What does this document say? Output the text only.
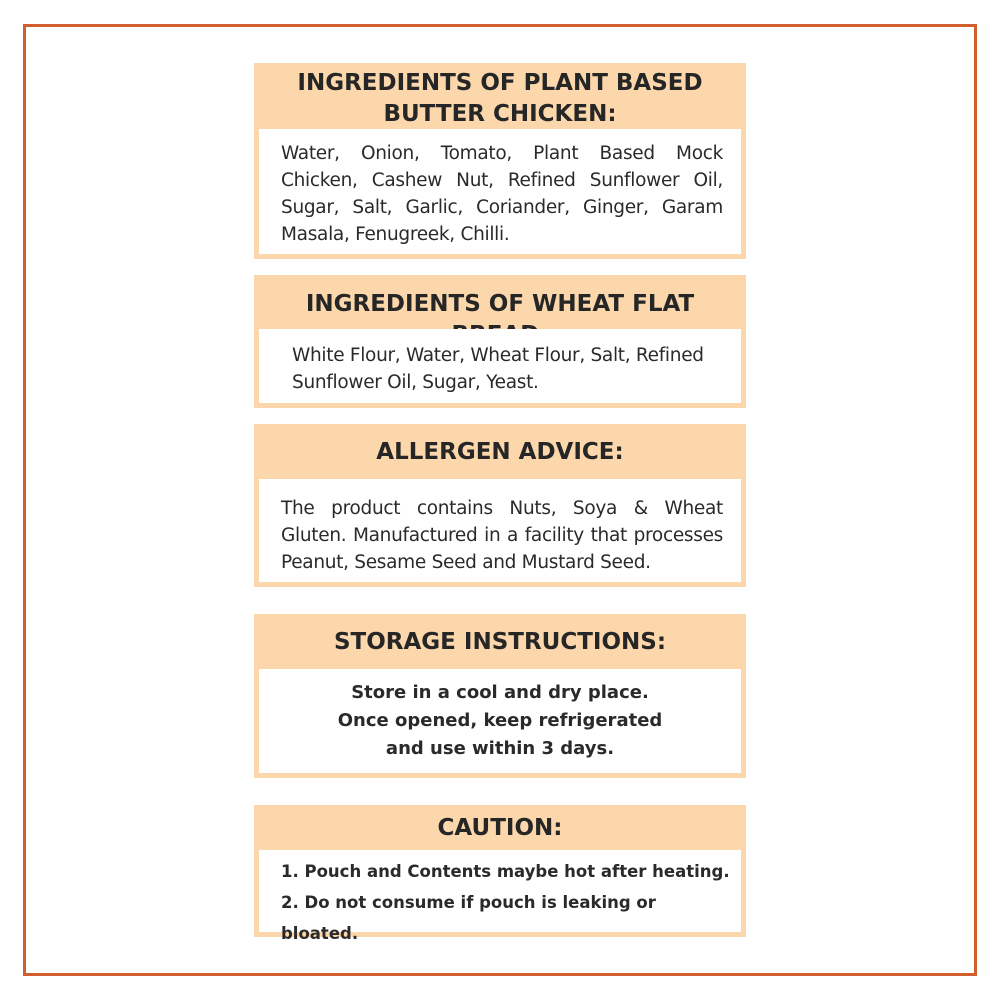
INGREDIENTS OF PLANT BASED
BUTTER CHICKEN:

Water, Onion, Tomato, Plant Based Mock Chicken, Cashew Nut, Refined Sunflower Oil, Sugar, Salt, Garlic, Coriander, Ginger, Garam Masala, Fenugreek, Chilli.

INGREDIENTS OF WHEAT FLAT

White Flour, Water, Wheat Flour, Salt, Refined Sunflower Oil, Sugar, Yeast.

ALLERGEN ADVICE:

The product contains Nuts, Soya & Wheat Gluten. Manufactured in a facility that processes Peanut, Sesame Seed and Mustard Seed.

STORAGE INSTRUCTIONS:
Store in a cool and dry place.
Once opened, keep refrigerated
and use within 3 days.
CAUTION:
1. Pouch and Contents maybe hot after heating.
2. Do not consume if pouch is leaking or bloated.
